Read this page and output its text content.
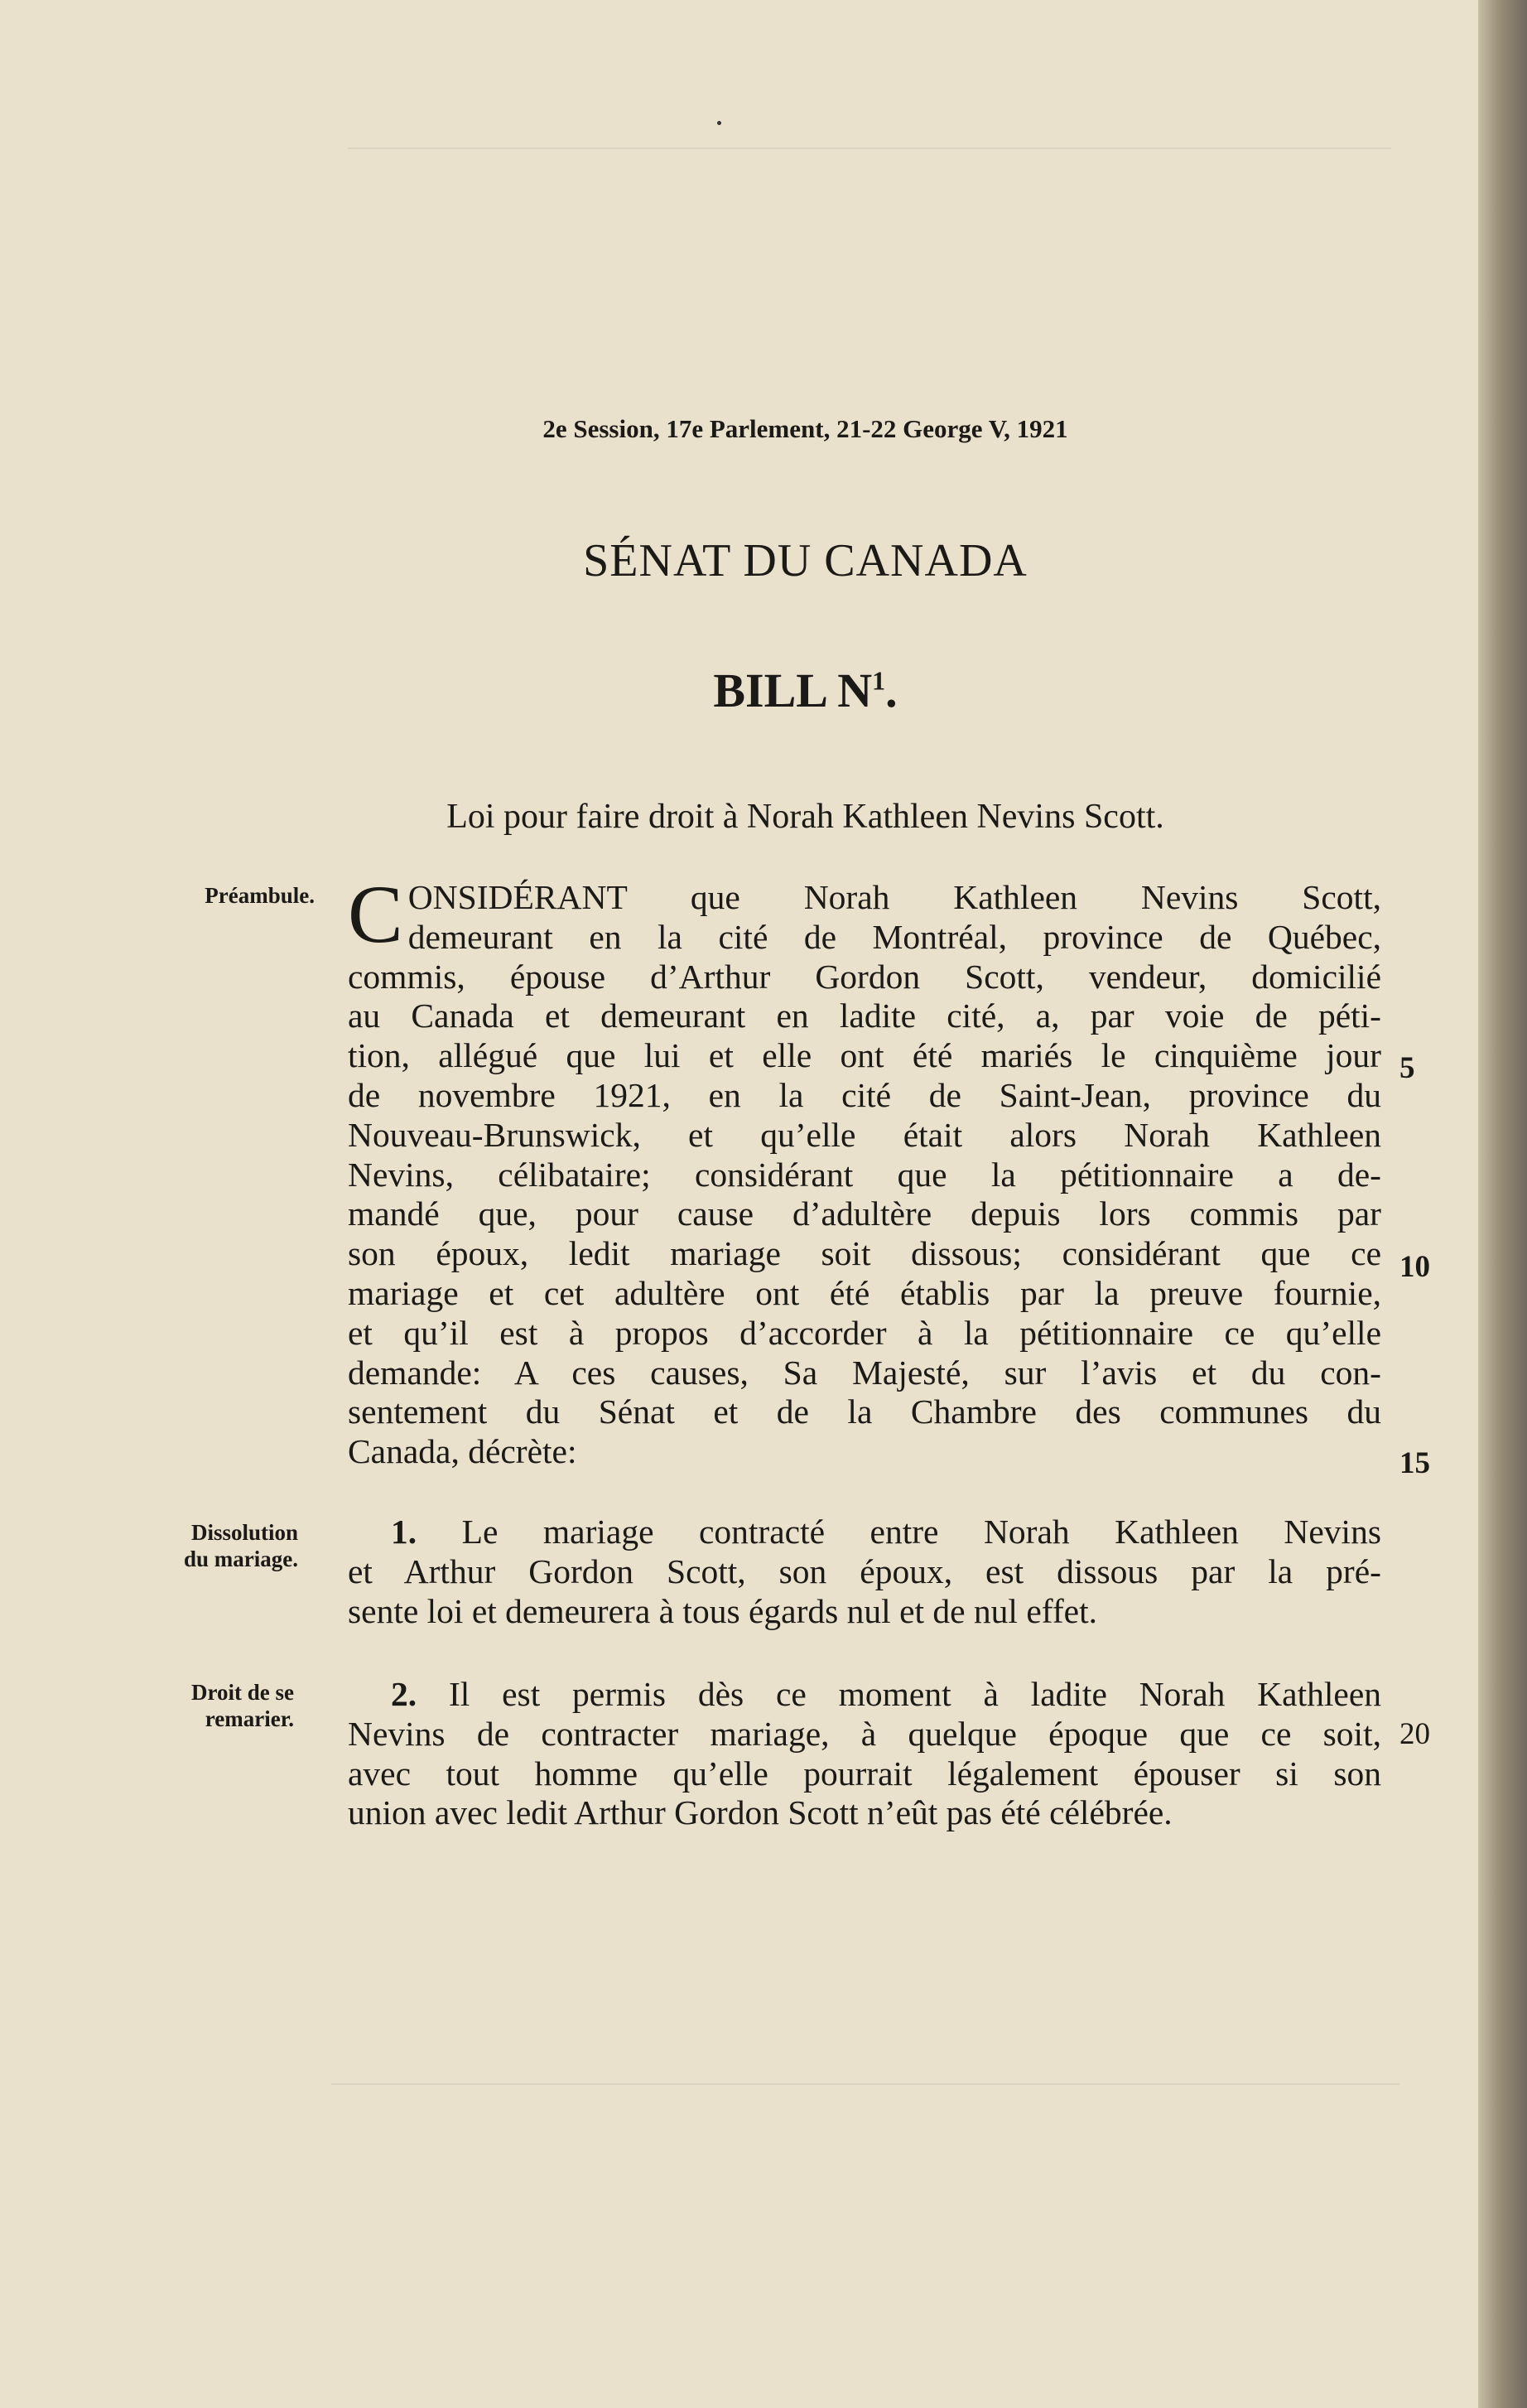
2e Session, 17e Parlement, 21-22 George V, 1921
SÉNAT DU CANADA
BILL $N^1$.
Loi pour faire droit à Norah Kathleen Nevins Scott.
Préambule.
Dissolution
du mariage.
Droit de se
remarier.
C ONSIDÉRANT que Norah Kathleen Nevins Scott,
demeurant en la cité de Montréal, province de Québec,
commis, épouse d’Arthur Gordon Scott, vendeur, domicilié
au Canada et demeurant en ladite cité, a, par voie de péti-
tion, allégué que lui et elle ont été mariés le cinquième jour
de novembre 1921, en la cité de Saint-Jean, province du
Nouveau-Brunswick, et qu’elle était alors Norah Kathleen
Nevins, célibataire; considérant que la pétitionnaire a de-
mandé que, pour cause d’adultère depuis lors commis par
son époux, ledit mariage soit dissous; considérant que ce
mariage et cet adultère ont été établis par la preuve fournie,
et qu’il est à propos d’accorder à la pétitionnaire ce qu’elle
demande: A ces causes, Sa Majesté, sur l’avis et du con-
sentement du Sénat et de la Chambre des communes du
Canada, décrète:
1. Le mariage contracté entre Norah Kathleen Nevins
et Arthur Gordon Scott, son époux, est dissous par la pré-
sente loi et demeurera à tous égards nul et de nul effet.
2. Il est permis dès ce moment à ladite Norah Kathleen
Nevins de contracter mariage, à quelque époque que ce soit,
avec tout homme qu’elle pourrait légalement épouser si son
union avec ledit Arthur Gordon Scott n’eût pas été célébrée.
5
10
15
20
